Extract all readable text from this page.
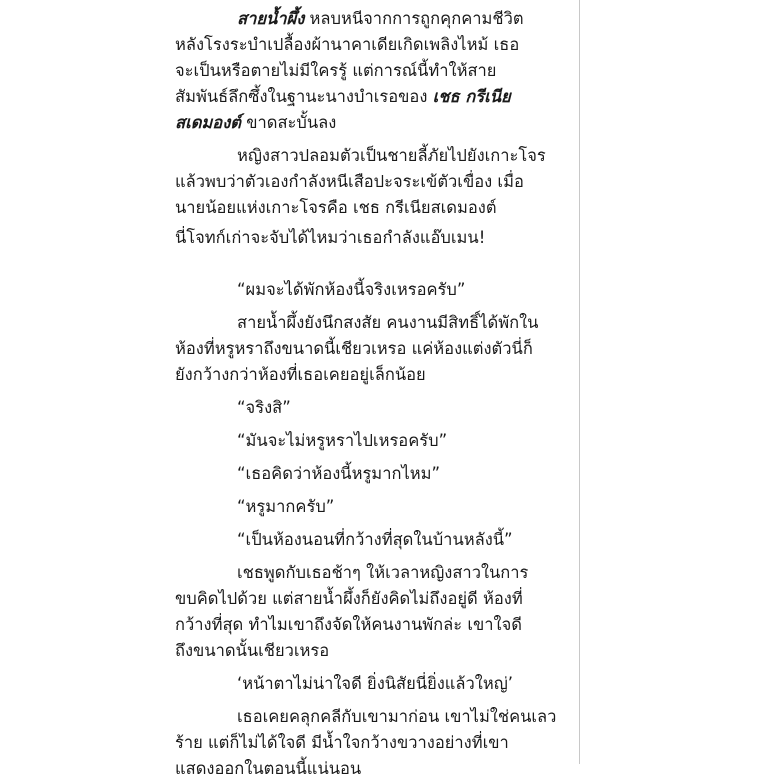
สายน้ำผึ้ง หลบหนีจากการถูกคุกคามชีวิต

หลังโรงระบำเปลื้องผ้านาคาเดียเกิดเพลิงไหม้ เธอ

จะเป็นหรือตายไม่มีใครรู้ แต่การณ์นี้ทำให้สาย

สัมพันธ์ลึกซึ้งในฐานะนางบำเรอของ เชธ กรีเนีย

สเดมองต์ ขาดสะบั้นลง

หญิงสาวปลอมตัวเป็นชายลี้ภัยไปยังเกาะโจร

แล้วพบว่าตัวเองกำลังหนีเสือปะจระเข้ตัวเขื่อง เมื่อ

นายน้อยแห่งเกาะโจรคือ เชธ กรีเนียสเดมองต์

นี่โจทก์เก่าจะจับได้ไหมว่าเธอกำลังแอ๊บเมน!

“ผมจะได้พักห้องนี้จริงเหรอครับ”

สายน้ำผึ้งยังนึกสงสัย คนงานมีสิทธิ์ได้พักใน

ห้องที่หรูหราถึงขนาดนี้เชียวเหรอ แค่ห้องแต่งตัวนี่ก็

ยังกว้างกว่าห้องที่เธอเคยอยู่เล็กน้อย

“จริงสิ”

“มันจะไม่หรูหราไปเหรอครับ”

“เธอคิดว่าห้องนี้หรูมากไหม”

“หรูมากครับ”

“เป็นห้องนอนที่กว้างที่สุดในบ้านหลังนี้”

เชธพูดกับเธอช้าๆ ให้เวลาหญิงสาวในการ

ขบคิดไปด้วย แต่สายน้ำผึ้งก็ยังคิดไม่ถึงอยู่ดี ห้องที่

กว้างที่สุด ทำไมเขาถึงจัดให้คนงานพักล่ะ เขาใจดี

ถึงขนาดนั้นเชียวเหรอ

‘หน้าตาไม่น่าใจดี ยิ่งนิสัยนี่ยิ่งแล้วใหญ่’

เธอเคยคลุกคลีกับเขามาก่อน เขาไม่ใช่คนเลว

ร้าย แต่ก็ไม่ได้ใจดี มีน้ำใจกว้างขวางอย่างที่เขา

แสดงออกในตอนนี้แน่นอน
